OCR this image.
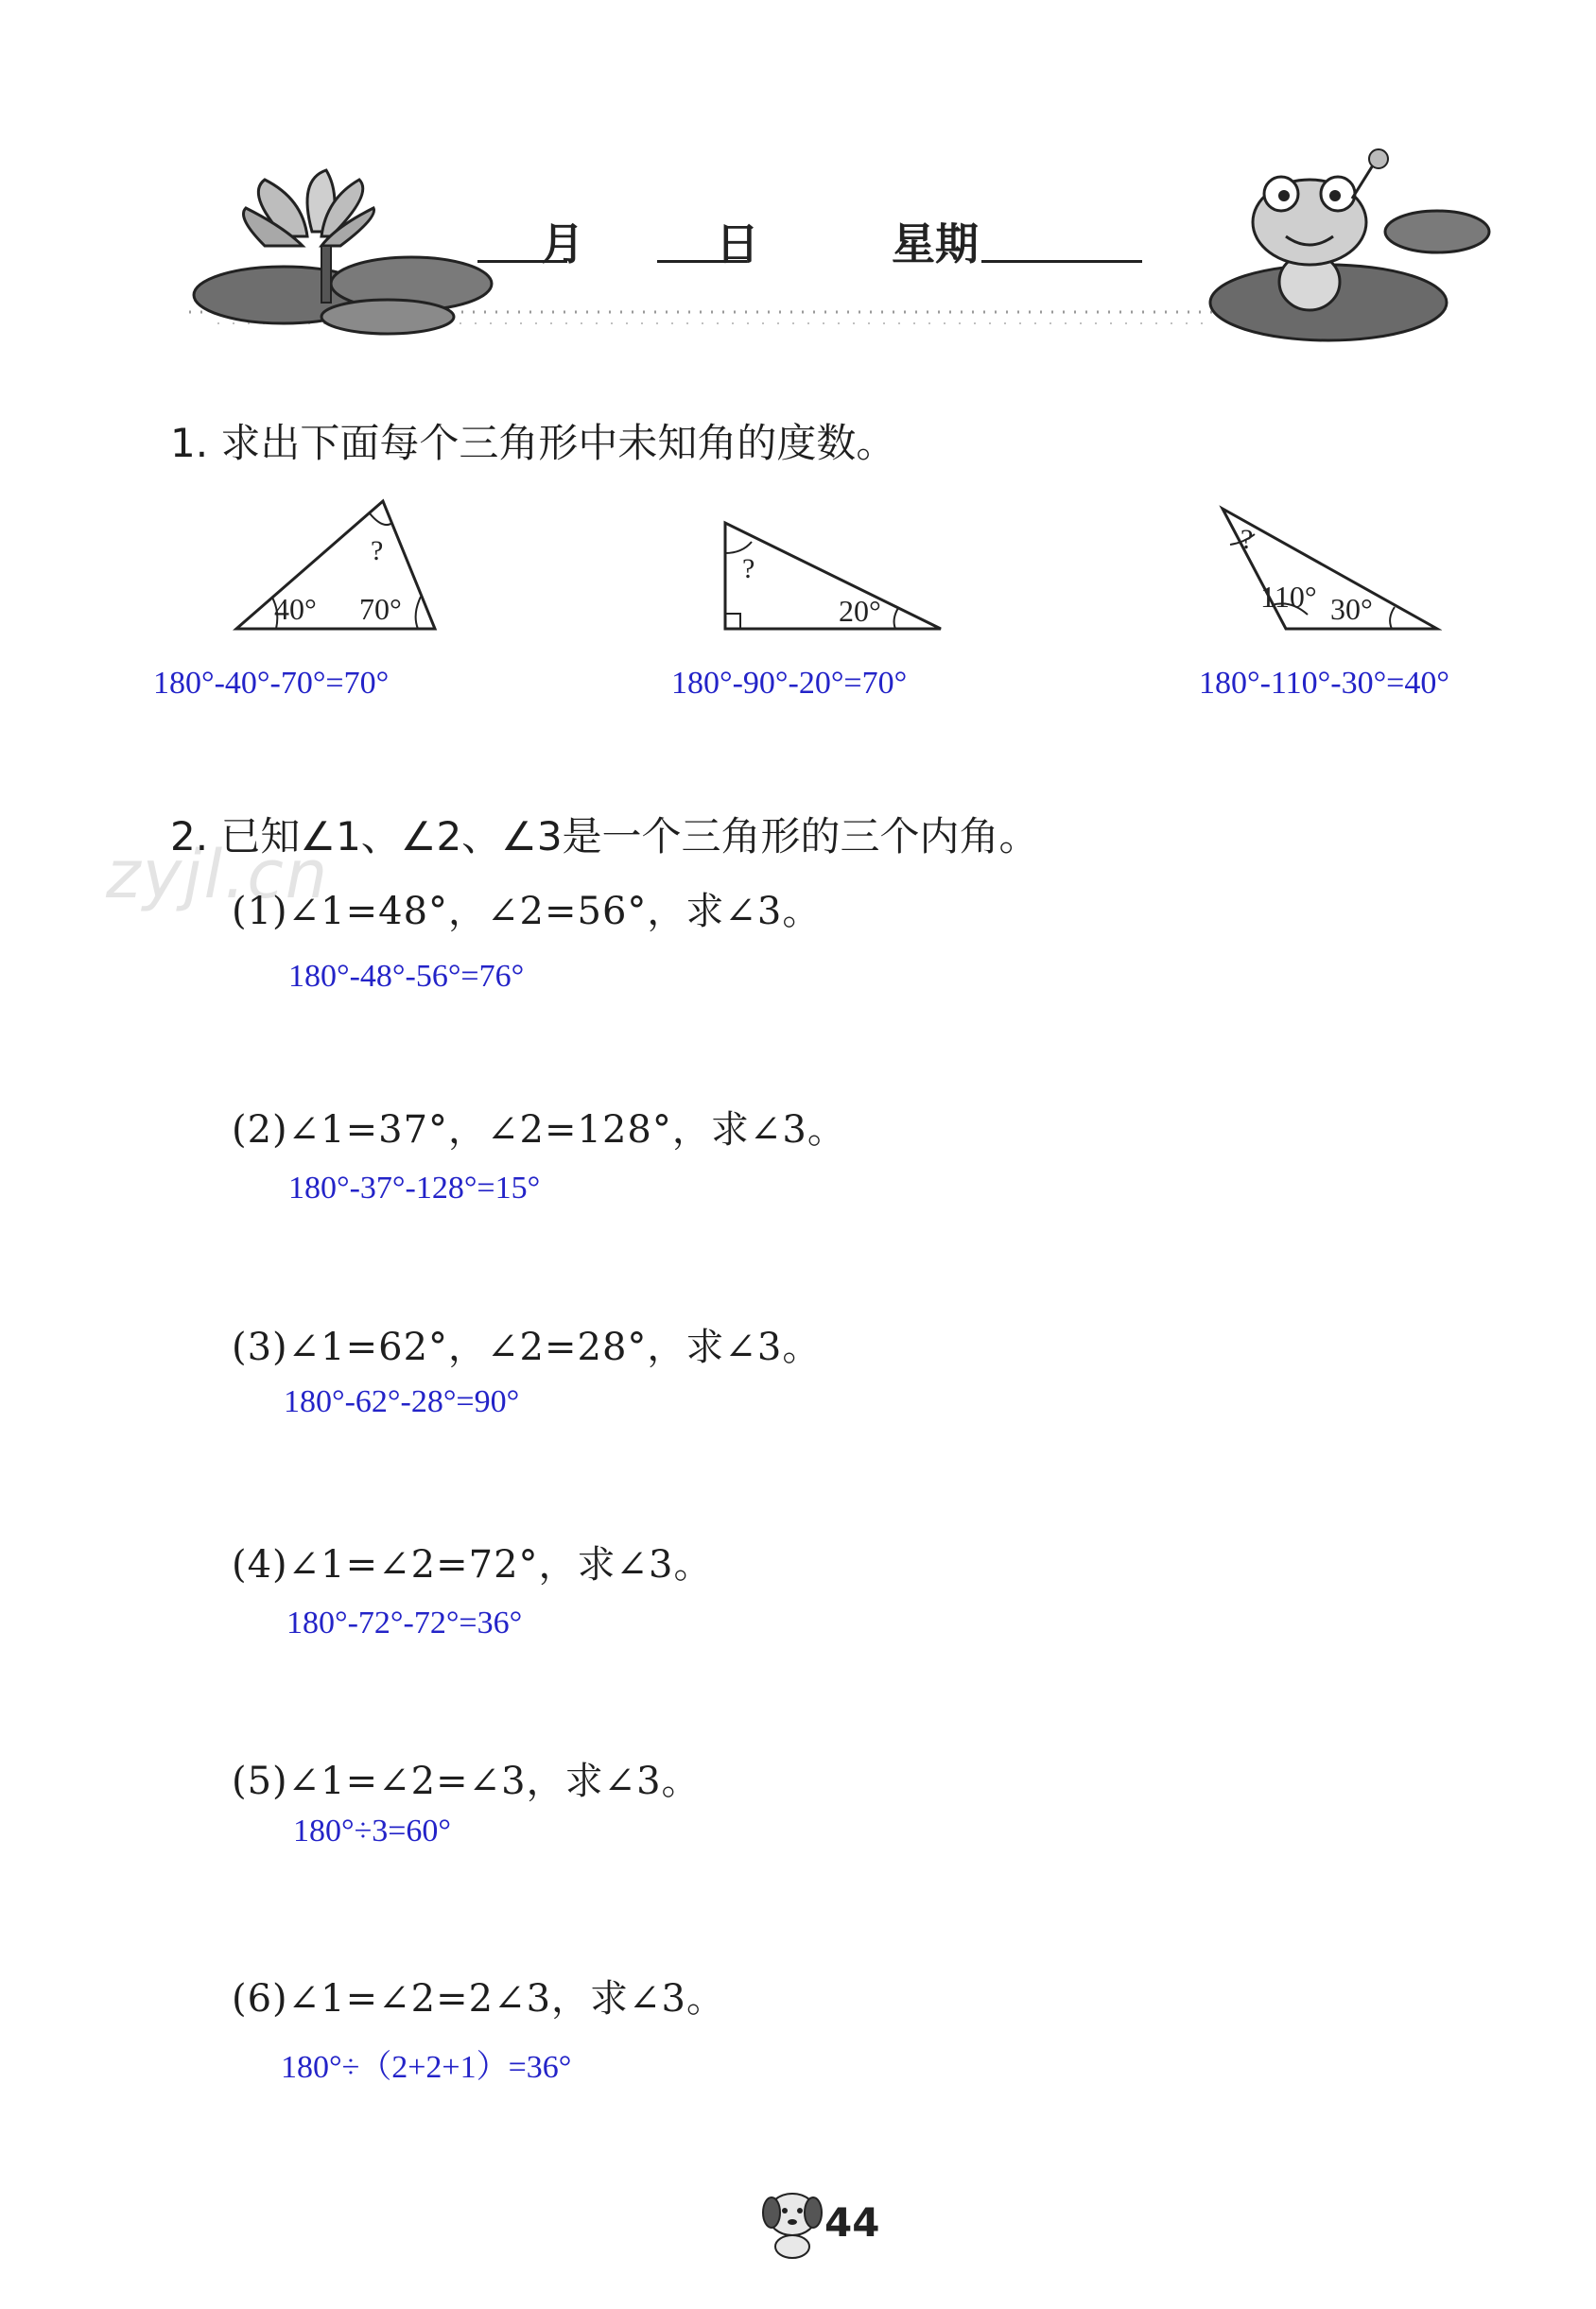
月	日	星期
1. 求出下面每个三角形中未知角的度数。
?
40° 70°
180°-40°-70°=70°
?
20°
180°-90°-20°=70°
?
110° 30°
180°-110°-30°=40°
zyjl.cn
2. 已知∠1、∠2、∠3是一个三角形的三个内角。
(1)∠1=48°，∠2=56°，求∠3。
180°-48°-56°=76°
(2)∠1=37°，∠2=128°，求∠3。
180°-37°-128°=15°
(3)∠1=62°，∠2=28°，求∠3。
180°-62°-28°=90°
(4)∠1=∠2=72°，求∠3。
180°-72°-72°=36°
(5)∠1=∠2=∠3，求∠3。
180°÷3=60°
(6)∠1=∠2=2∠3，求∠3。
180°÷（2+2+1）=36°
44
